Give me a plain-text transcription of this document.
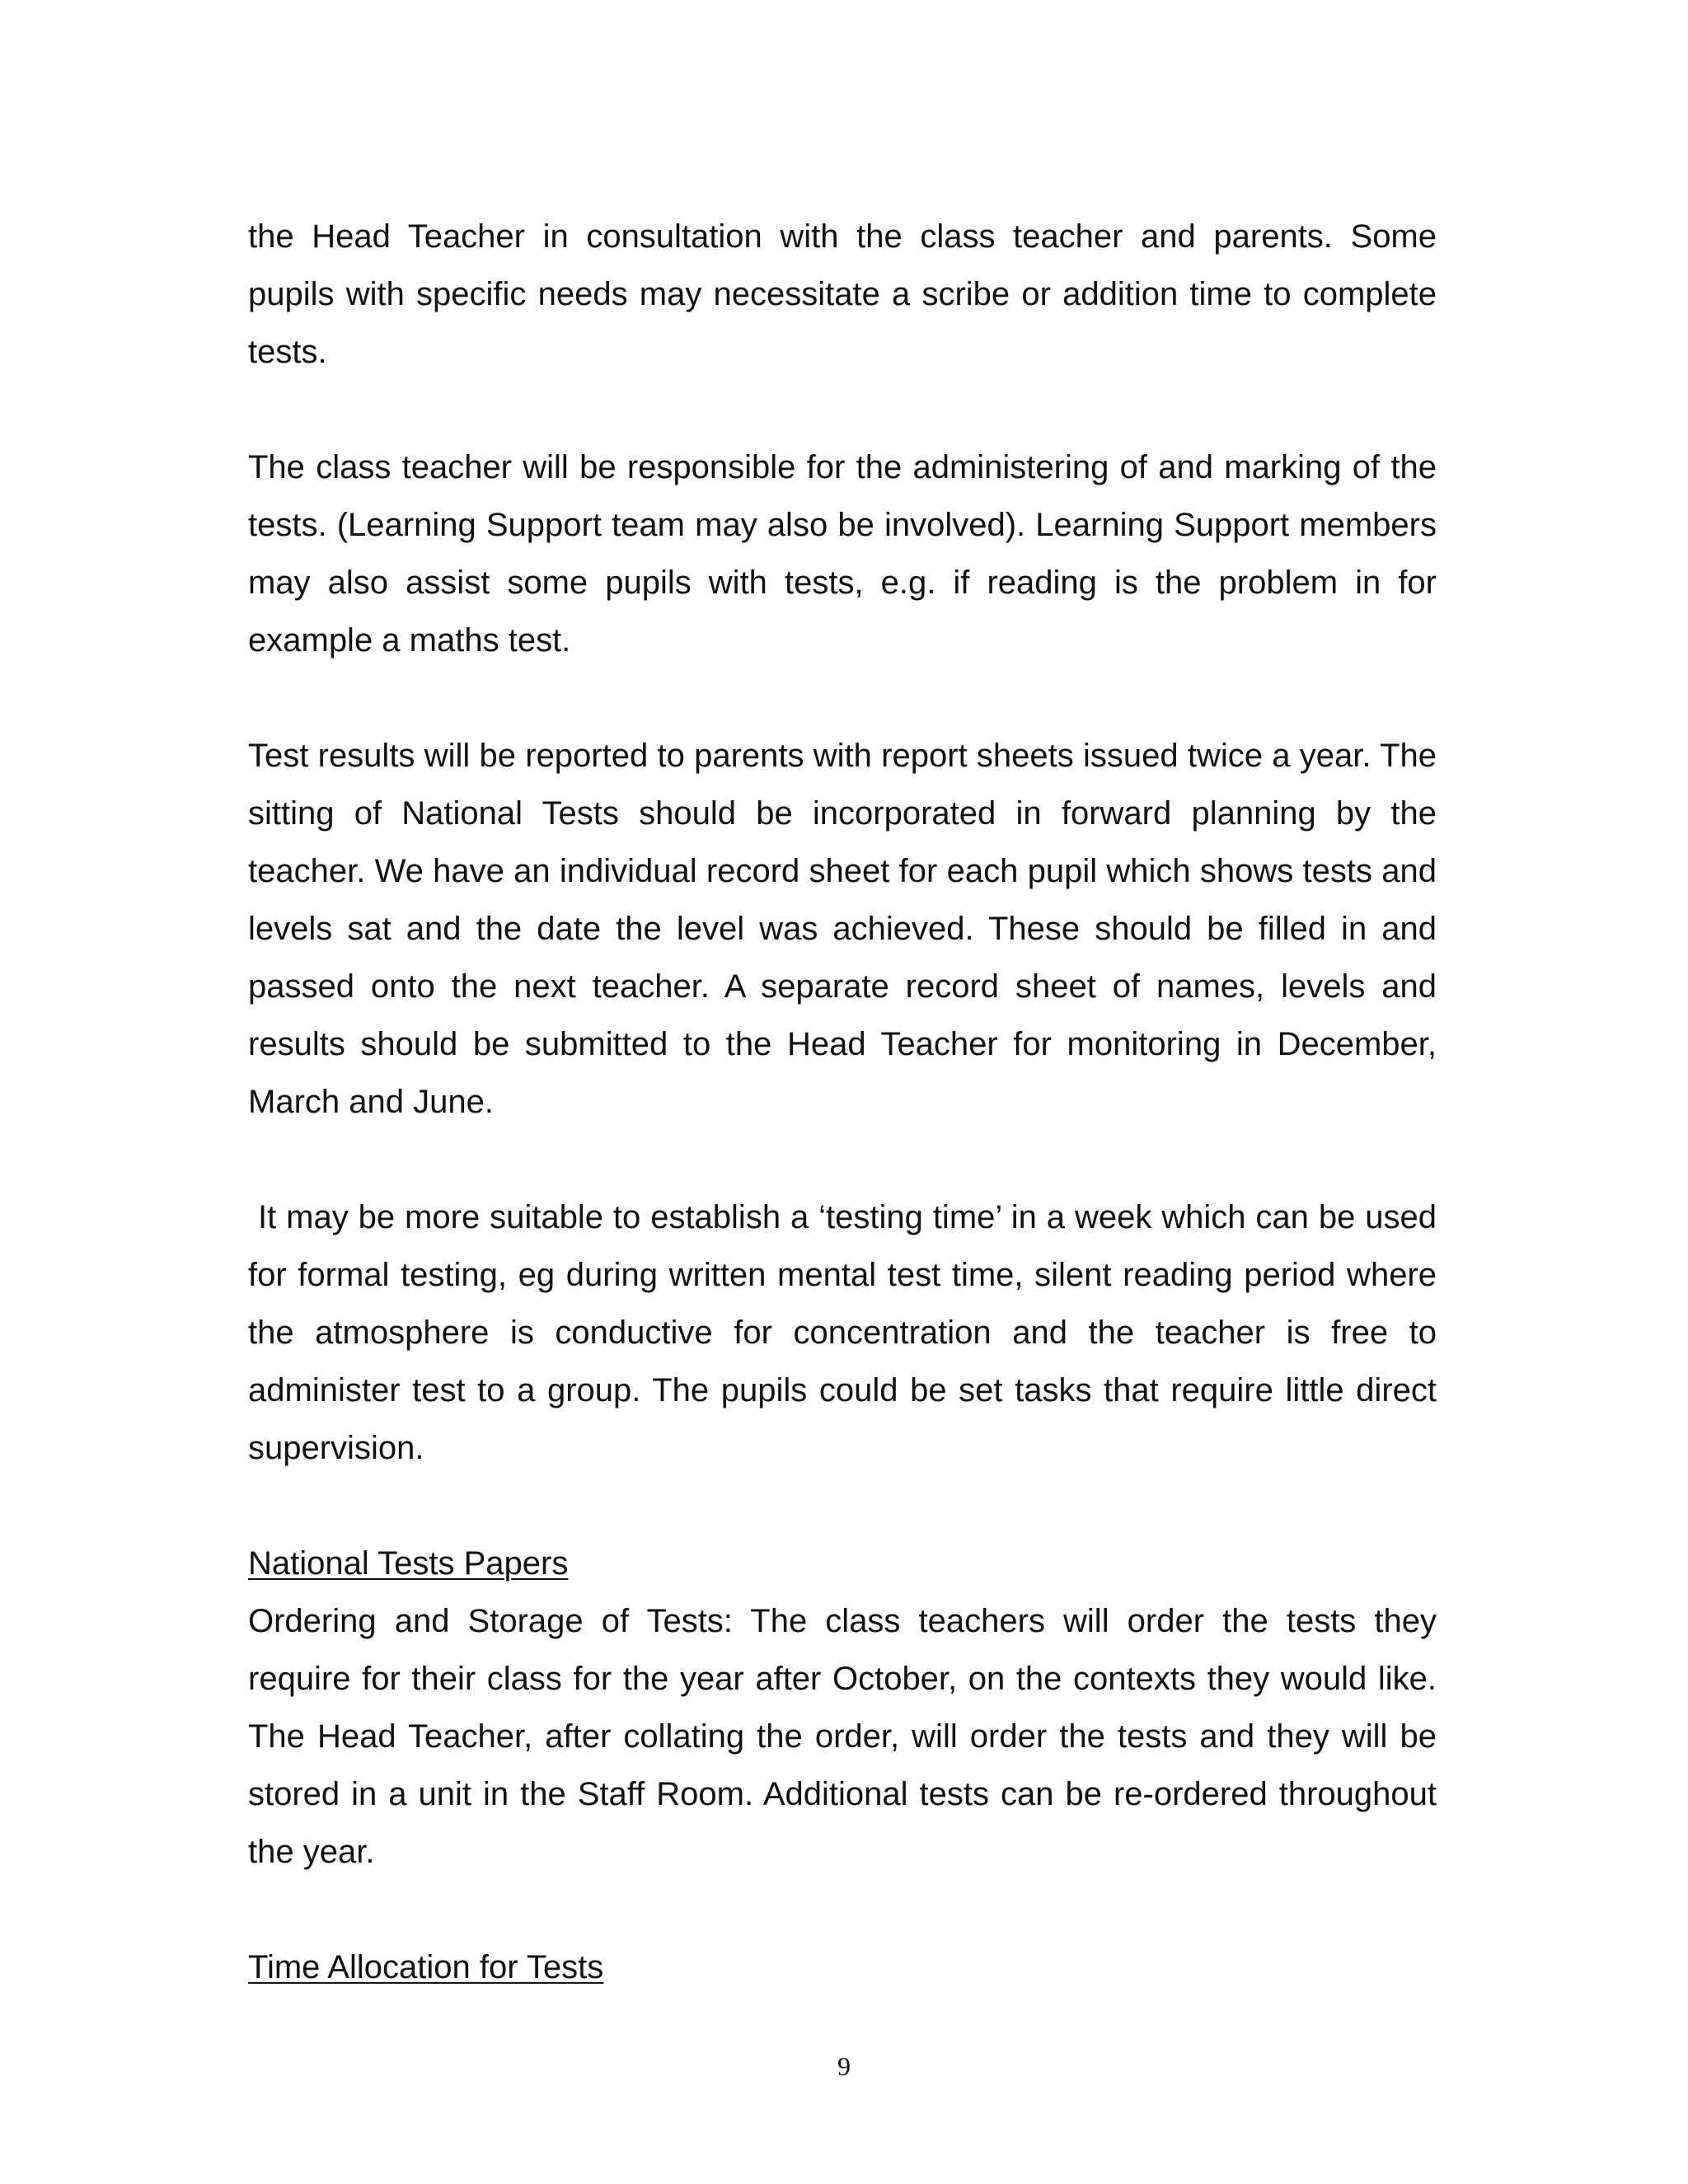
the Head Teacher in consultation with the class teacher and parents. Some pupils with specific needs may necessitate a scribe or addition time to complete tests.

The class teacher will be responsible for the administering of and marking of the tests. (Learning Support team may also be involved). Learning Support members may also assist some pupils with tests, e.g. if reading is the problem in for example a maths test.

Test results will be reported to parents with report sheets issued twice a year. The sitting of National Tests should be incorporated in forward planning by the teacher. We have an individual record sheet for each pupil which shows tests and levels sat and the date the level was achieved. These should be filled in and passed onto the next teacher. A separate record sheet of names, levels and results should be submitted to the Head Teacher for monitoring in December, March and June.

It may be more suitable to establish a ‘testing time’ in a week which can be used for formal testing, eg during written mental test time, silent reading period where the atmosphere is conductive for concentration and the teacher is free to administer test to a group. The pupils could be set tasks that require little direct supervision.

National Tests Papers

Ordering and Storage of Tests: The class teachers will order the tests they require for their class for the year after October, on the contexts they would like. The Head Teacher, after collating the order, will order the tests and they will be stored in a unit in the Staff Room. Additional tests can be re-ordered throughout the year.

Time Allocation for Tests

9
